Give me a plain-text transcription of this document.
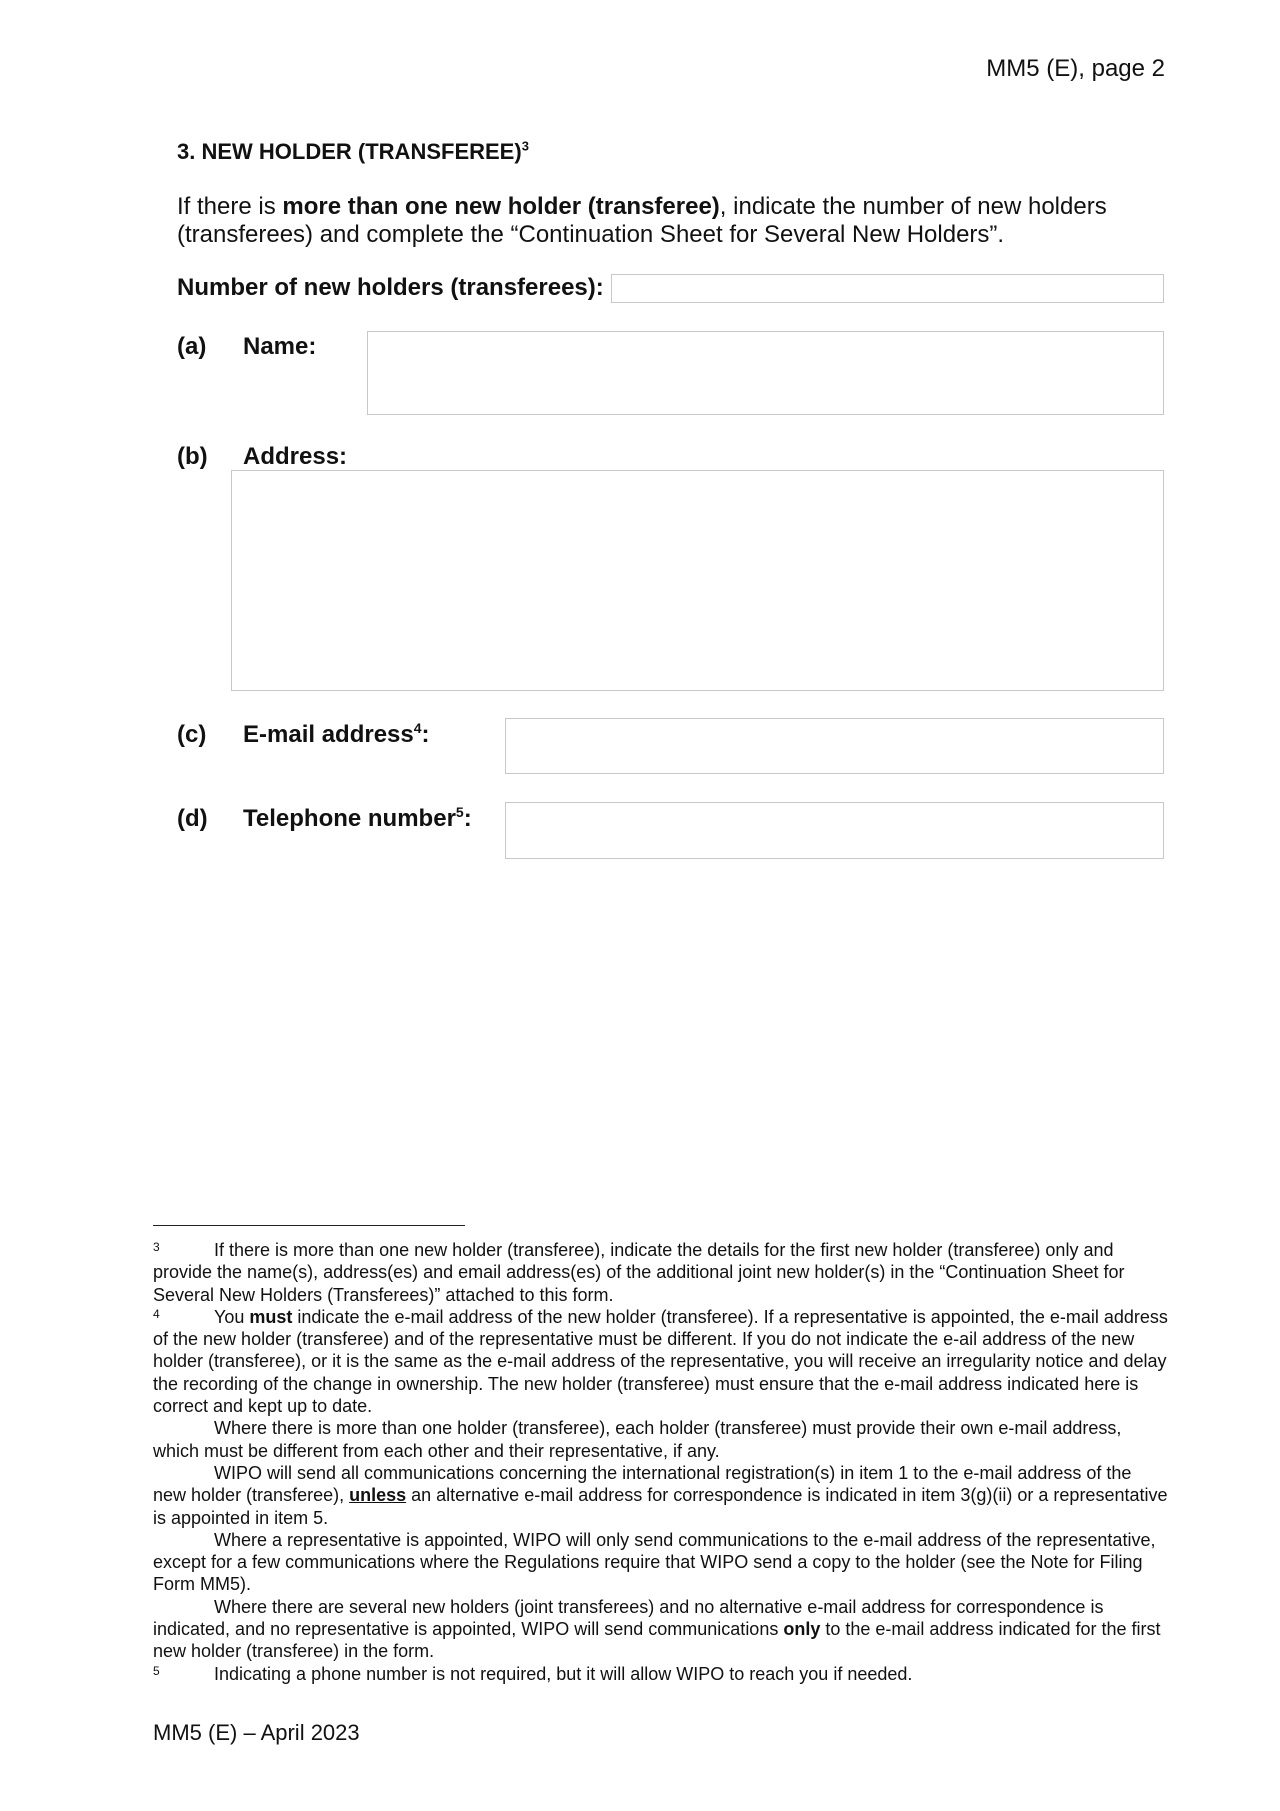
MM5 (E), page 2
3. NEW HOLDER (TRANSFEREE)$^3$
If there is more than one new holder (transferee), indicate the number of new holders (transferees) and complete the “Continuation Sheet for Several New Holders”.
Number of new holders (transferees):
(a) Name:
(b) Address:
(c) E-mail address$^4$:
(d) Telephone number$^5$:

3	If there is more than one new holder (transferee), indicate the details for the first new holder (transferee) only and provide the name(s), address(es) and email address(es) of the additional joint new holder(s) in the “Continuation Sheet for Several New Holders (Transferees)” attached to this form.

4	You must indicate the e-mail address of the new holder (transferee). If a representative is appointed, the e-mail address of the new holder (transferee) and of the representative must be different. If you do not indicate the e-ail address of the new holder (transferee), or it is the same as the e-mail address of the representative, you will receive an irregularity notice and delay the recording of the change in ownership. The new holder (transferee) must ensure that the e-mail address indicated here is correct and kept up to date.

Where there is more than one holder (transferee), each holder (transferee) must provide their own e-mail address, which must be different from each other and their representative, if any.

WIPO will send all communications concerning the international registration(s) in item 1 to the e-mail address of the new holder (transferee), unless an alternative e-mail address for correspondence is indicated in item 3(g)(ii) or a representative is appointed in item 5.

Where a representative is appointed, WIPO will only send communications to the e-mail address of the representative, except for a few communications where the Regulations require that WIPO send a copy to the holder (see the Note for Filing Form MM5).

Where there are several new holders (joint transferees) and no alternative e-mail address for correspondence is indicated, and no representative is appointed, WIPO will send communications only to the e-mail address indicated for the first new holder (transferee) in the form.

5	Indicating a phone number is not required, but it will allow WIPO to reach you if needed.

MM5 (E) – April 2023
